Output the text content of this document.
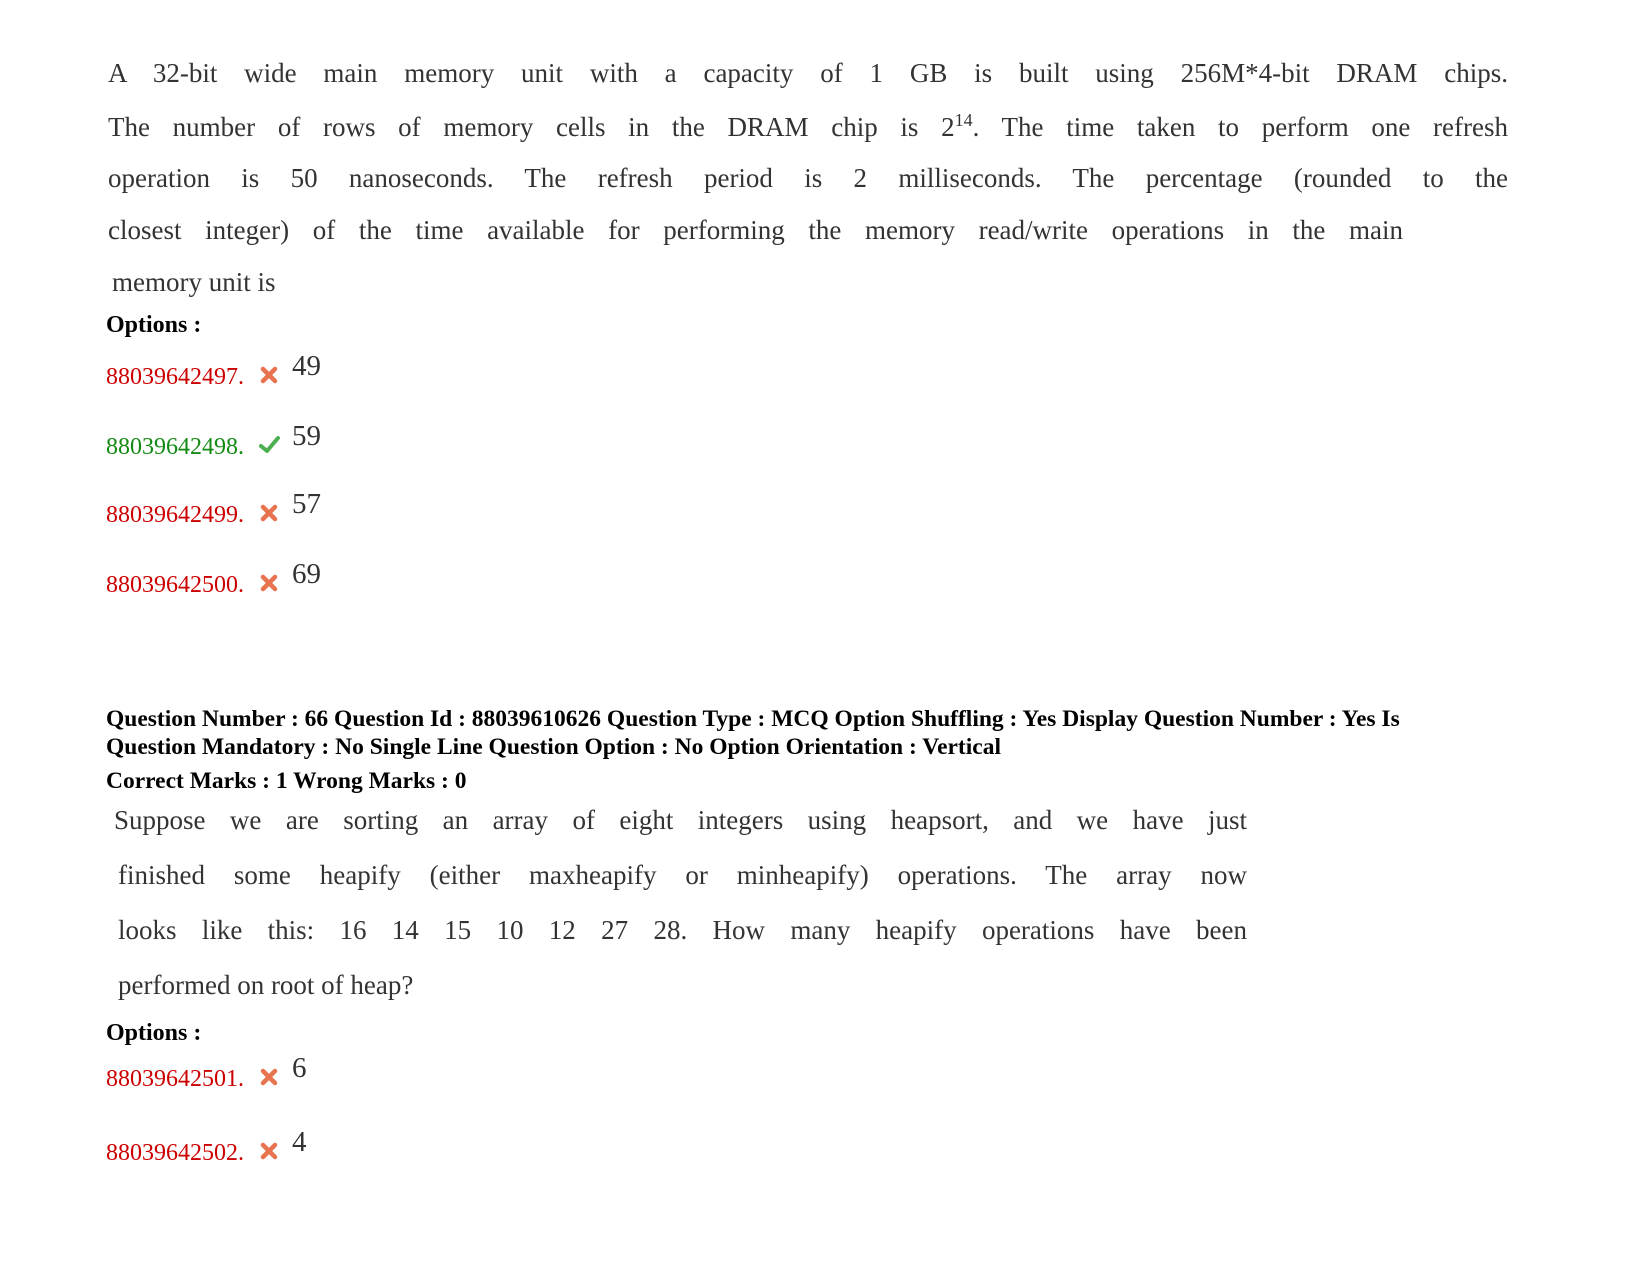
A 32-bit wide main memory unit with a capacity of 1 GB is built using 256M*4-bit DRAM chips.
The number of rows of memory cells in the DRAM chip is $2^{14}$. The time taken to perform one refresh
operation is 50 nanoseconds. The refresh period is 2 milliseconds. The percentage (rounded to the
closest integer) of the time available for performing the memory read/write operations in the main
memory unit is
Options :
88039642497. 49
88039642498. 59
88039642499. 57
88039642500. 69
Question Number : 66 Question Id : 88039610626 Question Type : MCQ Option Shuffling : Yes Display Question Number : Yes Is
Question Mandatory : No Single Line Question Option : No Option Orientation : Vertical
Correct Marks : 1 Wrong Marks : 0
Suppose we are sorting an array of eight integers using heapsort, and we have just
finished some heapify (either maxheapify or minheapify) operations. The array now
looks like this: 16 14 15 10 12 27 28. How many heapify operations have been
performed on root of heap?
Options :
88039642501. 6
88039642502. 4
